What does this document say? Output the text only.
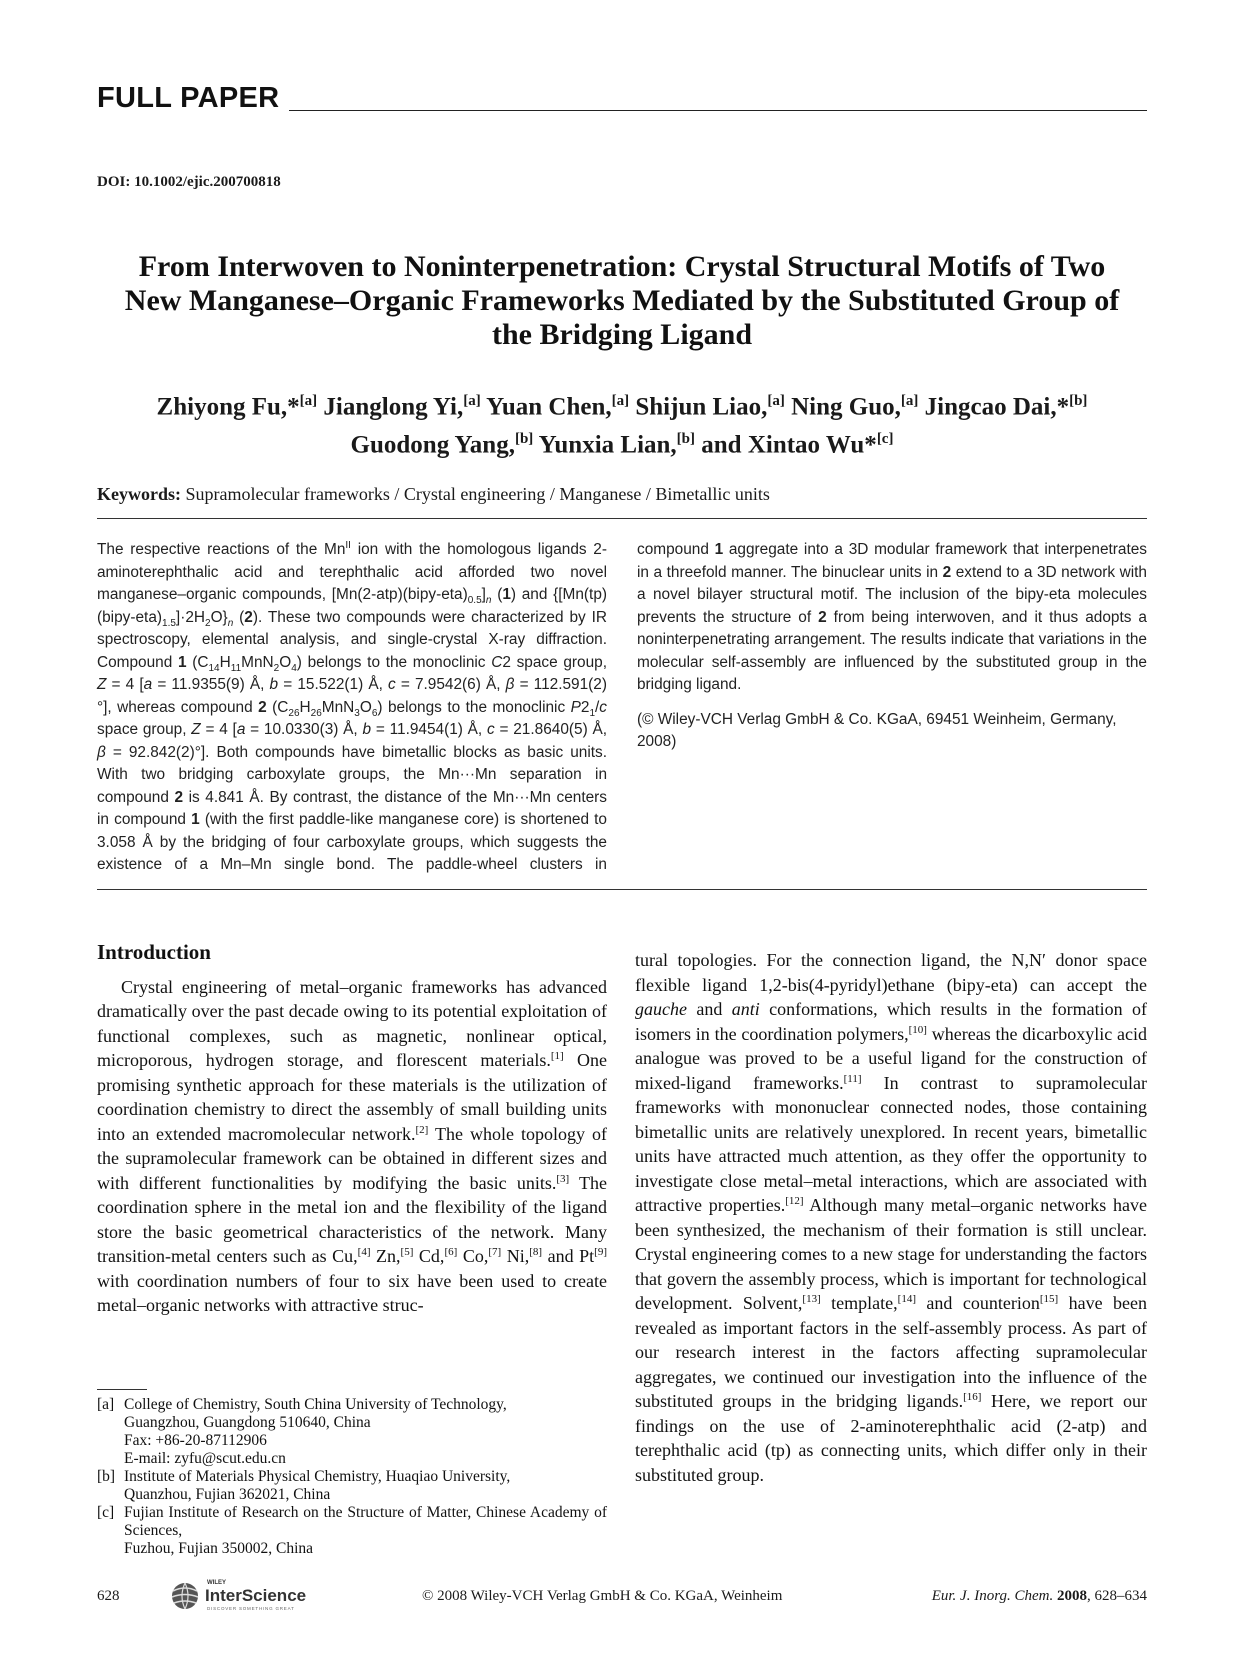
FULL PAPER
DOI: 10.1002/ejic.200700818
From Interwoven to Noninterpenetration: Crystal Structural Motifs of Two
New Manganese–Organic Frameworks Mediated by the Substituted Group of
the Bridging Ligand
Zhiyong Fu,*[a] Jianglong Yi,[a] Yuan Chen,[a] Shijun Liao,[a] Ning Guo,[a] Jingcao Dai,*[b]
Guodong Yang,[b] Yunxia Lian,[b] and Xintao Wu*[c]
Keywords: Supramolecular frameworks / Crystal engineering / Manganese / Bimetallic units

The respective reactions of the $Mn^{II}$ ion with the homologous ligands 2-aminoterephthalic acid and terephthalic acid afforded two novel manganese–organic compounds, $[Mn(2-atp)(bipy-eta)_{0.5}]_n$ (1) and $\{[Mn(tp)(bipy-eta)_{1.5}]\cdot 2H_2O\}_n$ (2). These two compounds were characterized by IR spectroscopy, elemental analysis, and single-crystal X-ray diffraction. Compound 1 $(C_{14}H_{11}MnN_2O_4)$ belongs to the monoclinic C2 space group, Z = 4 [a = 11.9355(9) Å, b = 15.522(1) Å, c = 7.9542(6) Å, β = 112.591(2)°], whereas compound 2 $(C_{26}H_{26}MnN_3O_6)$ belongs to the monoclinic $P2_1/c$ space group, Z = 4 [a = 10.0330(3) Å, b = 11.9454(1) Å, c = 21.8640(5) Å, β = 92.842(2)°]. Both compounds have bimetallic blocks as basic units. With two bridging carboxylate groups, the Mn···Mn separation in compound 2 is 4.841 Å. By contrast, the distance of the Mn···Mn centers in compound 1 (with the first paddle-like manganese core) is shortened to 3.058 Å by the bridging of four carboxylate groups, which suggests the existence of a Mn–Mn single bond. The paddle-wheel clusters in compound 1 aggregate into a 3D modular framework that interpenetrates in a threefold manner. The binuclear units in 2 extend to a 3D network with a novel bilayer structural motif. The inclusion of the bipy-eta molecules prevents the structure of 2 from being interwoven, and it thus adopts a noninterpenetrating arrangement. The results indicate that variations in the molecular self-assembly are influenced by the substituted group in the bridging ligand.

(© Wiley-VCH Verlag GmbH & Co. KGaA, 69451 Weinheim, Germany, 2008)

Introduction

Crystal engineering of metal–organic frameworks has advanced dramatically over the past decade owing to its potential exploitation of functional complexes, such as magnetic, nonlinear optical, microporous, hydrogen storage, and florescent materials.[1] One promising synthetic approach for these materials is the utilization of coordination chemistry to direct the assembly of small building units into an extended macromolecular network.[2] The whole topology of the supramolecular framework can be obtained in different sizes and with different functionalities by modifying the basic units.[3] The coordination sphere in the metal ion and the flexibility of the ligand store the basic geometrical characteristics of the network. Many transition-metal centers such as Cu,[4] Zn,[5] Cd,[6] Co,[7] Ni,[8] and Pt[9] with coordination numbers of four to six have been used to create metal–organic networks with attractive struc-

tural topologies. For the connection ligand, the N,N′ donor space flexible ligand 1,2-bis(4-pyridyl)ethane (bipy-eta) can accept the gauche and anti conformations, which results in the formation of isomers in the coordination polymers,[10] whereas the dicarboxylic acid analogue was proved to be a useful ligand for the construction of mixed-ligand frameworks.[11] In contrast to supramolecular frameworks with mononuclear connected nodes, those containing bimetallic units are relatively unexplored. In recent years, bimetallic units have attracted much attention, as they offer the opportunity to investigate close metal–metal interactions, which are associated with attractive properties.[12] Although many metal–organic networks have been synthesized, the mechanism of their formation is still unclear. Crystal engineering comes to a new stage for understanding the factors that govern the assembly process, which is important for technological development. Solvent,[13] template,[14] and counterion[15] have been revealed as important factors in the self-assembly process. As part of our research interest in the factors affecting supramolecular aggregates, we continued our investigation into the influence of the substituted groups in the bridging ligands.[16] Here, we report our findings on the use of 2-aminoterephthalic acid (2-atp) and terephthalic acid (tp) as connecting units, which differ only in their substituted group.

[a] College of Chemistry, South China University of Technology,
Guangzhou, Guangdong 510640, China
Fax: +86-20-87112906
E-mail: zyfu@scut.edu.cn
[b] Institute of Materials Physical Chemistry, Huaqiao University,
Quanzhou, Fujian 362021, China
[c] Fujian Institute of Research on the Structure of Matter, Chinese Academy of Sciences,
Fuzhou, Fujian 350002, China
628
WILEY
InterScience
DISCOVER SOMETHING GREAT
© 2008 Wiley-VCH Verlag GmbH & Co. KGaA, Weinheim	Eur. J. Inorg. Chem. 2008, 628–634
